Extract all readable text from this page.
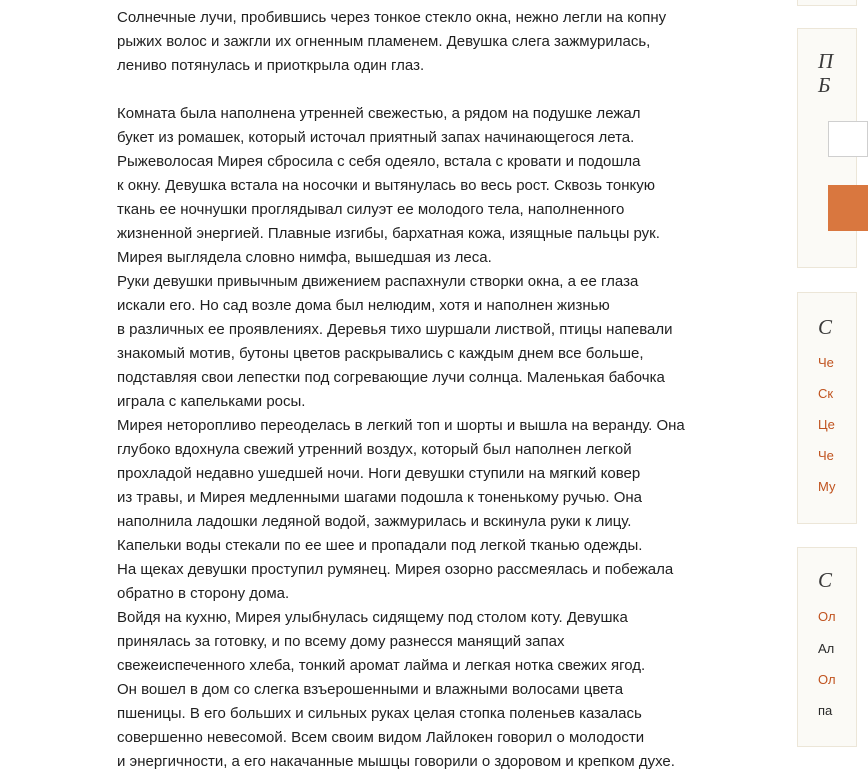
Солнечные лучи, пробившись через тонкое стекло окна, нежно легли на копну
рыжих волос и зажгли их огненным пламенем. Девушка слега зажмурилась,
лениво потянулась и приоткрыла один глаз.
Комната была наполнена утренней свежестью, а рядом на подушке лежал
букет из ромашек, который источал приятный запах начинающегося лета.
Рыжеволосая Мирея сбросила с себя одеяло, встала с кровати и подошла
к окну. Девушка встала на носочки и вытянулась во весь рост. Сквозь тонкую
ткань ее ночнушки проглядывал силуэт ее молодого тела, наполненного
жизненной энергией. Плавные изгибы, бархатная кожа, изящные пальцы рук.
Мирея выглядела словно нимфа, вышедшая из леса.
Руки девушки привычным движением распахнули створки окна, а ее глаза
искали его. Но сад возле дома был нелюдим, хотя и наполнен жизнью
в различных ее проявлениях. Деревья тихо шуршали листвой, птицы напевали
знакомый мотив, бутоны цветов раскрывались с каждым днем все больше,
подставляя свои лепестки под согревающие лучи солнца. Маленькая бабочка
играла с капельками росы.
Мирея неторопливо переоделась в легкий топ и шорты и вышла на веранду. Она
глубоко вдохнула свежий утренний воздух, который был наполнен легкой
прохладой недавно ушедшей ночи. Ноги девушки ступили на мягкий ковер
из травы, и Мирея медленными шагами подошла к тоненькому ручью. Она
наполнила ладошки ледяной водой, зажмурилась и вскинула руки к лицу.
Капельки воды стекали по ее шее и пропадали под легкой тканью одежды.
На щеках девушки проступил румянец. Мирея озорно рассмеялась и побежала
обратно в сторону дома.
Войдя на кухню, Мирея улыбнулась сидящему под столом коту. Девушка
принялась за готовку, и по всему дому разнесся манящий запах
свежеиспеченного хлеба, тонкий аромат лайма и легкая нотка свежих ягод.
Он вошел в дом со слегка взъерошенными и влажными волосами цвета
пшеницы. В его больших и сильных руках целая стопка поленьев казалась
совершенно невесомой. Всем своим видом Лайлокен говорил о молодости
и энергичности, а его накачанные мышцы говорили о здоровом и крепком духе.
П
Б
С
Че
Ск
Це
Че
Му
С
Ол
Ал
Ол
па
